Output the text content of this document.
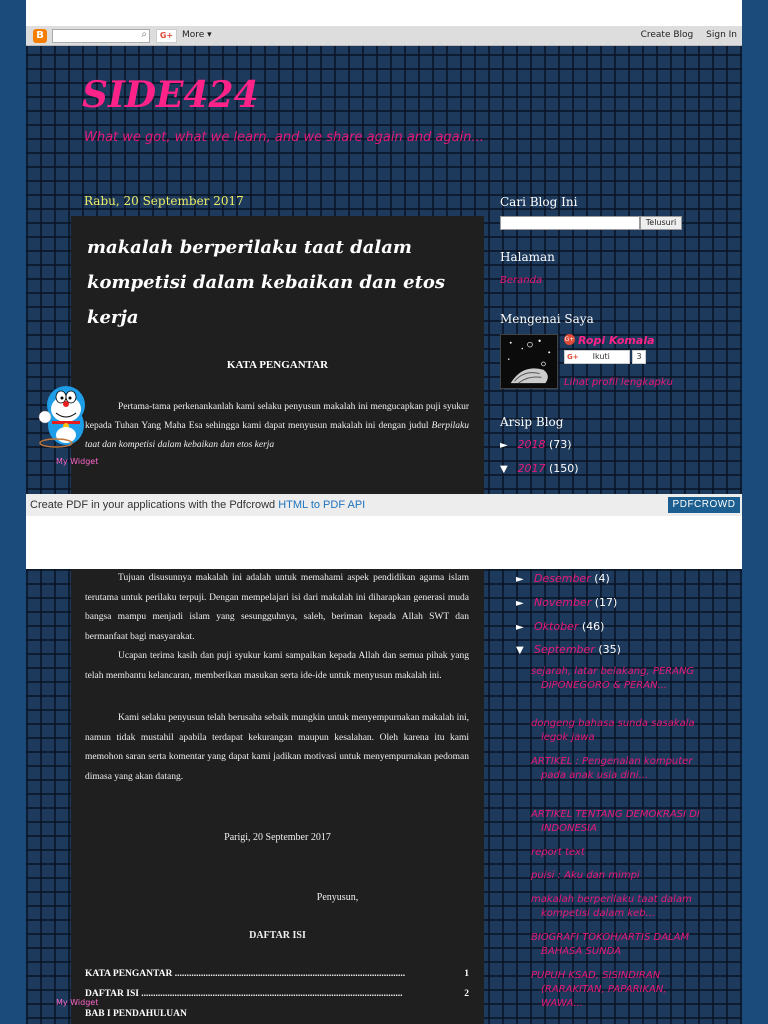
B	⌕	G+ More ▾	Create Blog Sign In
SIDE424
What we got, what we learn, and we share again and again...
Rabu, 20 September 2017
makalah berperilaku taat dalam kompetisi dalam kebaikan dan etos kerja
KATA PENGANTAR
Pertama-tama perkenankanlah kami selaku penyusun makalah ini mengucapkan puji syukur kepada Tuhan Yang Maha Esa sehingga kami dapat menyusun makalah ini dengan judul Berpilaku taat dan kompetisi dalam kebaikan dan etos kerja
My Widget
Cari Blog Ini
Telusuri
Halaman
Beranda
Mengenai Saya
G+ Ropi Komala
G+ Ikuti	3
Lihat profil lengkapku
Arsip Blog
► 2018 (73)
▼ 2017 (150)
Create PDF in your applications with the Pdfcrowd HTML to PDF API	PDFCROWD
Tujuan disusunnya makalah ini adalah untuk memahami aspek pendidikan agama islam terutama untuk perilaku terpuji. Dengan mempelajari isi dari makalah ini diharapkan generasi muda bangsa mampu menjadi islam yang sesungguhnya, saleh, beriman kepada Allah SWT dan bermanfaat bagi masyarakat.
Ucapan terima kasih dan puji syukur kami sampaikan kepada Allah dan semua pihak yang telah membantu kelancaran, memberikan masukan serta ide-ide untuk menyusun makalah ini.
Kami selaku penyusun telah berusaha sebaik mungkin untuk menyempurnakan makalah ini, namun tidak mustahil apabila terdapat kekurangan maupun kesalahan. Oleh karena itu kami memohon saran serta komentar yang dapat kami jadikan motivasi untuk menyempurnakan pedoman dimasa yang akan datang.
Parigi, 20 September 2017
Penyusun,
DAFTAR ISI
KATA PENGANTAR .................................................................................................	1
DAFTAR ISI ..............................................................................................................	2
BAB I PENDAHULUAN
My Widget
► Desember (4)
► November (17)
► Oktober (46)
▼ September (35)
sejarah, latar belakang, PERANG DIPONEGORO & PERAN...
dongeng bahasa sunda sasakala legok jawa
ARTIKEL : Pengenalan komputer pada anak usia dini...
ARTIKEL TENTANG DEMOKRASI DI INDONESIA
report text
puisi : Aku dan mimpi
makalah berperilaku taat dalam kompetisi dalam keb...
BIOGRAFI TOKOH/ARTIS DALAM BAHASA SUNDA
PUPUH KSAD, SISINDIRAN (RARAKITAN, PAPARIKAN, WAWA...
